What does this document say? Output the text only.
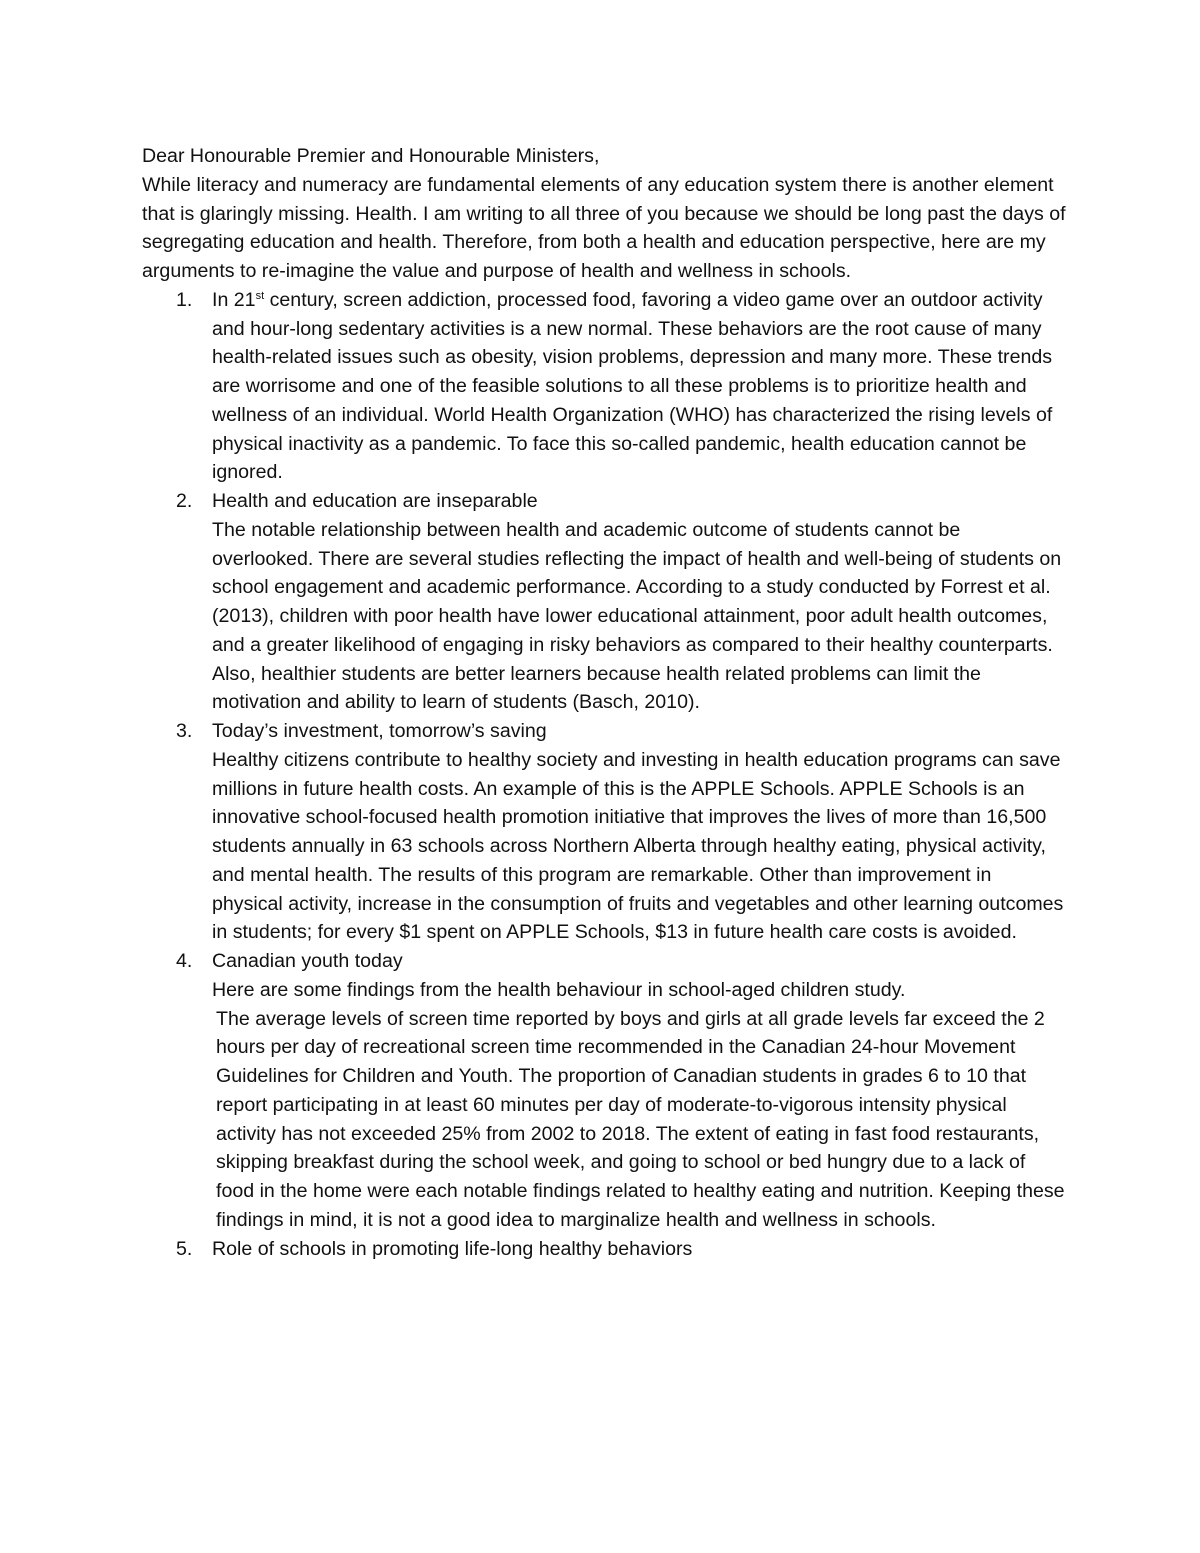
Dear Honourable Premier and Honourable Ministers,

While literacy and numeracy are fundamental elements of any education system there is another element that is glaringly missing. Health. I am writing to all three of you because we should be long past the days of segregating education and health. Therefore, from both a health and education perspective, here are my arguments to re-imagine the value and purpose of health and wellness in schools.

1. In 21st century, screen addiction, processed food, favoring a video game over an outdoor activity and hour-long sedentary activities is a new normal. These behaviors are the root cause of many health-related issues such as obesity, vision problems, depression and many more. These trends are worrisome and one of the feasible solutions to all these problems is to prioritize health and wellness of an individual. World Health Organization (WHO) has characterized the rising levels of physical inactivity as a pandemic. To face this so-called pandemic, health education cannot be ignored.
2. Health and education are inseparable
The notable relationship between health and academic outcome of students cannot be overlooked. There are several studies reflecting the impact of health and well-being of students on school engagement and academic performance. According to a study conducted by Forrest et al. (2013), children with poor health have lower educational attainment, poor adult health outcomes, and a greater likelihood of engaging in risky behaviors as compared to their healthy counterparts. Also, healthier students are better learners because health related problems can limit the motivation and ability to learn of students (Basch, 2010).
3. Today’s investment, tomorrow’s saving
Healthy citizens contribute to healthy society and investing in health education programs can save millions in future health costs. An example of this is the APPLE Schools. APPLE Schools is an innovative school-focused health promotion initiative that improves the lives of more than 16,500 students annually in 63 schools across Northern Alberta through healthy eating, physical activity, and mental health. The results of this program are remarkable. Other than improvement in physical activity, increase in the consumption of fruits and vegetables and other learning outcomes in students; for every $1 spent on APPLE Schools, $13 in future health care costs is avoided.
4. Canadian youth today
Here are some findings from the health behaviour in school-aged children study.
The average levels of screen time reported by boys and girls at all grade levels far exceed the 2 hours per day of recreational screen time recommended in the Canadian 24-hour Movement Guidelines for Children and Youth. The proportion of Canadian students in grades 6 to 10 that report participating in at least 60 minutes per day of moderate-to-vigorous intensity physical activity has not exceeded 25% from 2002 to 2018. The extent of eating in fast food restaurants, skipping breakfast during the school week, and going to school or bed hungry due to a lack of food in the home were each notable findings related to healthy eating and nutrition. Keeping these findings in mind, it is not a good idea to marginalize health and wellness in schools.
5. Role of schools in promoting life-long healthy behaviors
